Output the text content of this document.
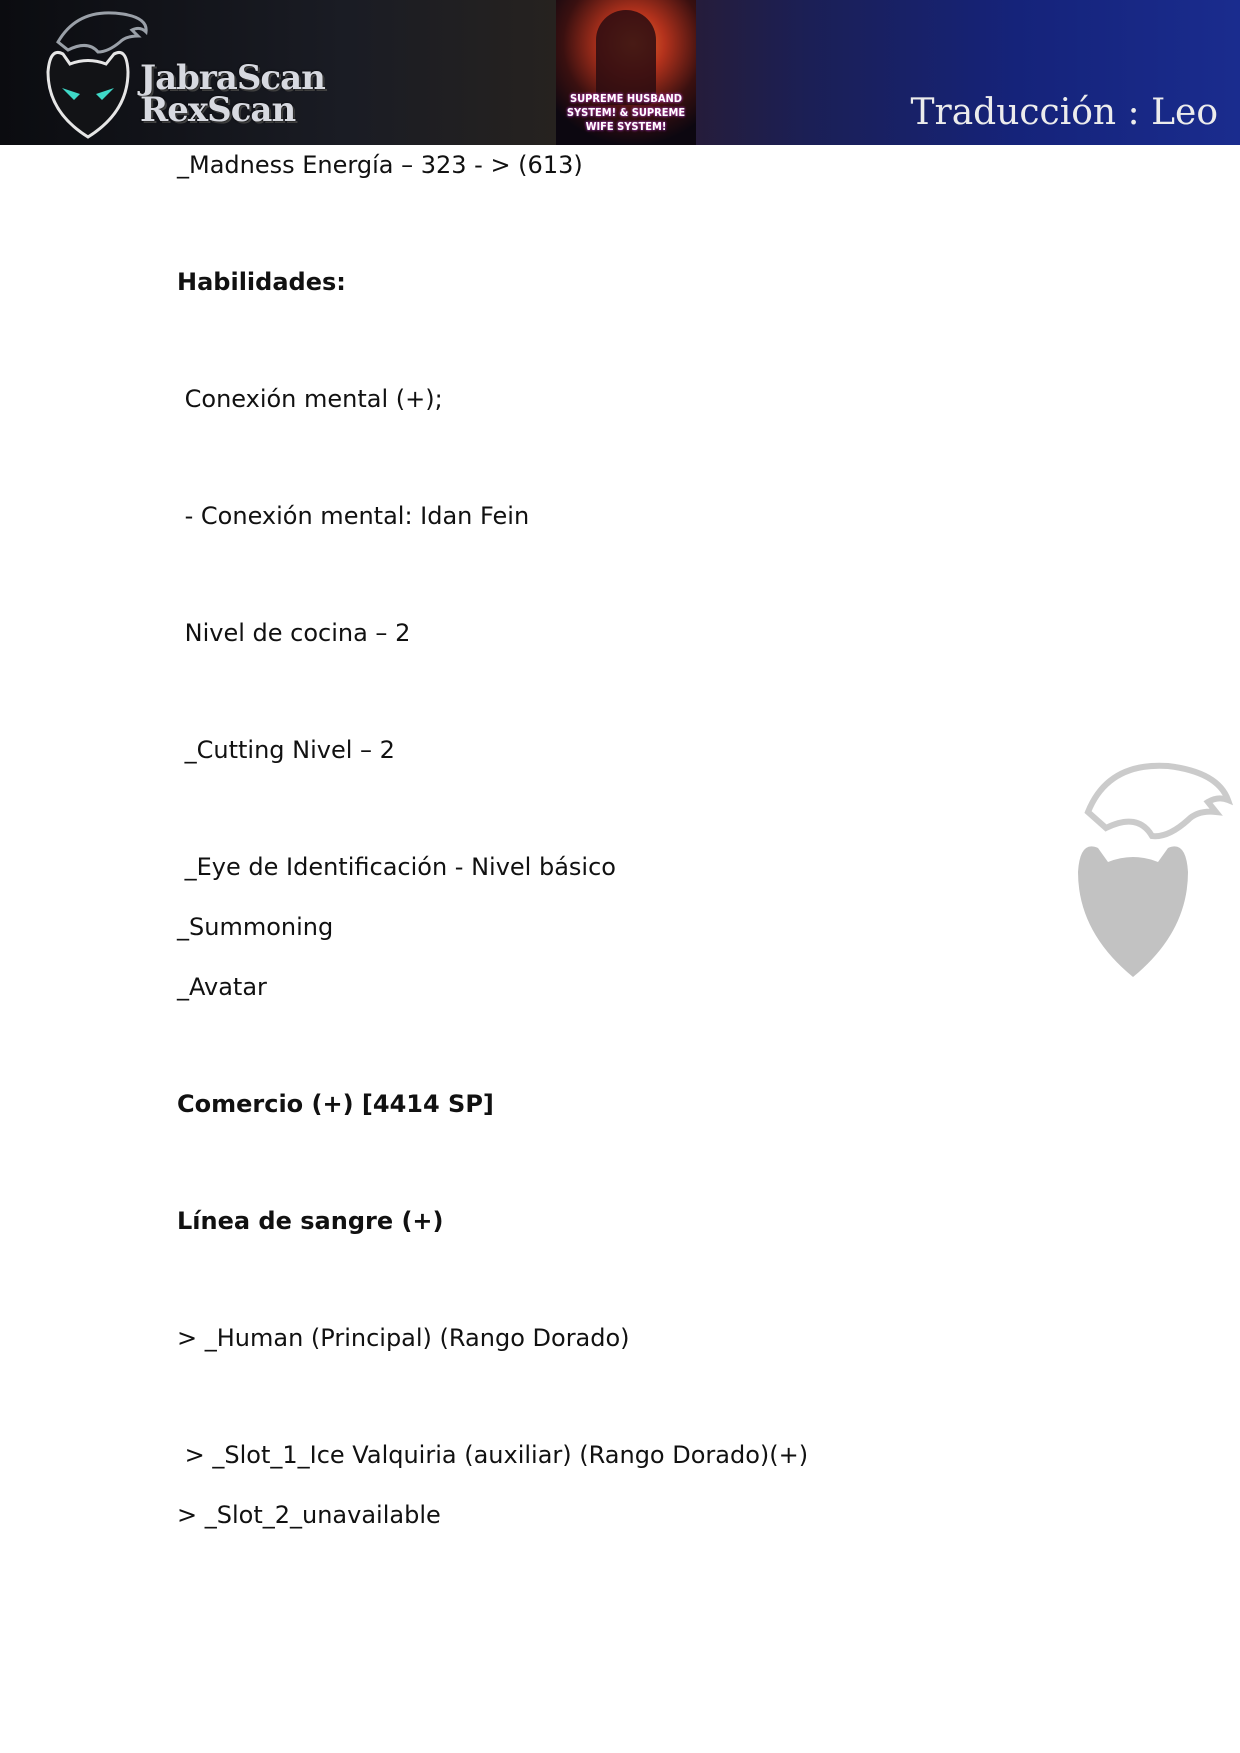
JabraScan
RexScan	SUPREME HUSBAND
SYSTEM! & SUPREME
WIFE SYSTEM!	Traducción : Leo
_Madness Energía – 323 - > (613)
Habilidades:
Conexión mental (+);
- Conexión mental: Idan Fein
Nivel de cocina – 2
_Cutting Nivel – 2
_Eye de Identificación - Nivel básico
_Summoning
_Avatar
Comercio (+) [4414 SP]
Línea de sangre (+)
> _Human (Principal) (Rango Dorado)
> _Slot_1_Ice Valquiria (auxiliar) (Rango Dorado)(+)
> _Slot_2_unavailable
